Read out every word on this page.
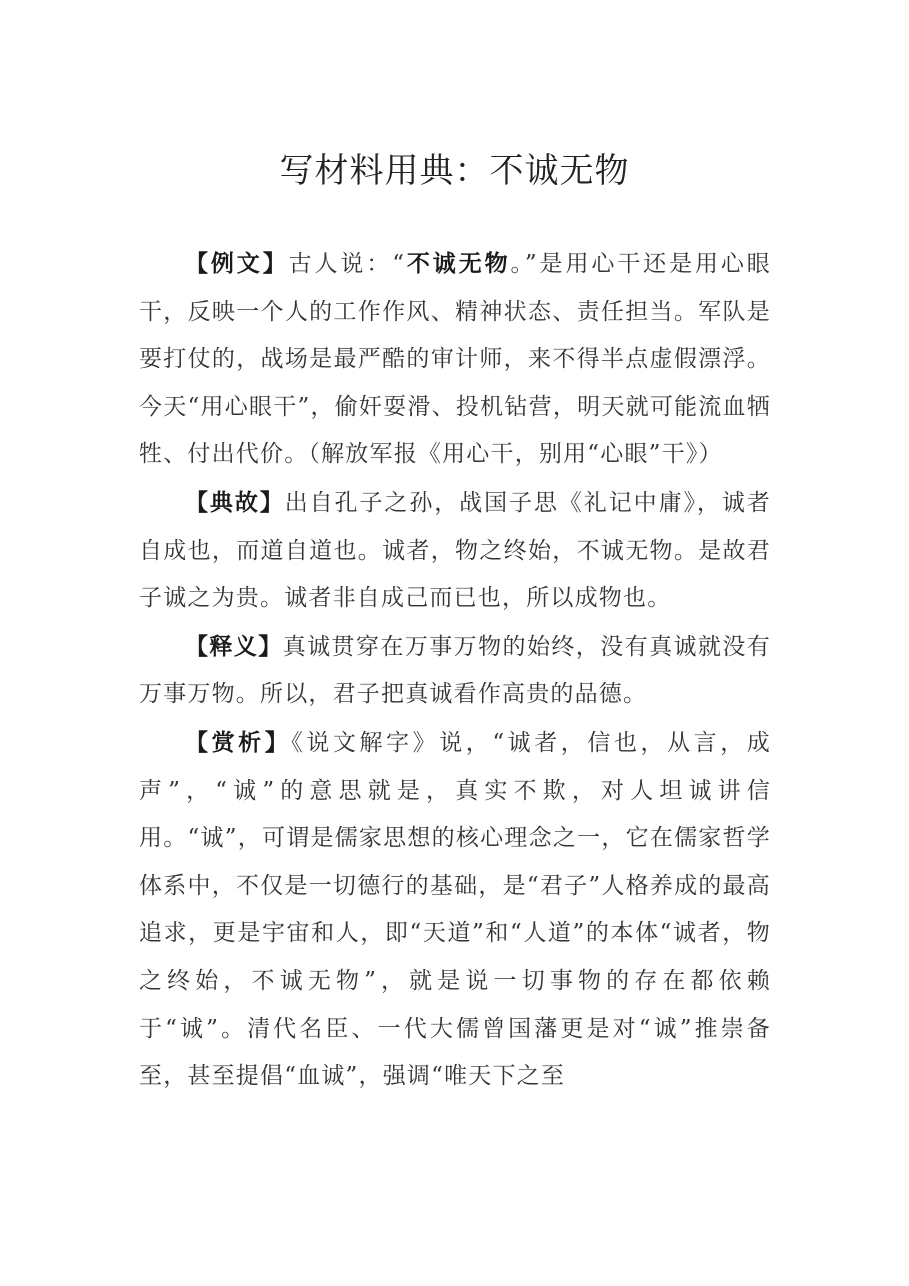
写材料用典：不诚无物

【例文】古人说：“不诚无物。”是用心干还是用心眼干，反映一个人的工作作风、精神状态、责任担当。军队是要打仗的，战场是最严酷的审计师，来不得半点虚假漂浮。今天“用心眼干”，偷奸耍滑、投机钻营，明天就可能流血牺牲、付出代价。（解放军报《用心干，别用“心眼”干》）

【典故】出自孔子之孙，战国子思《礼记中庸》，诚者自成也，而道自道也。诚者，物之终始，不诚无物。是故君子诚之为贵。诚者非自成己而已也，所以成物也。

【释义】真诚贯穿在万事万物的始终，没有真诚就没有万事万物。所以，君子把真诚看作高贵的品德。

【赏析】《说文解字》说，“诚者，信也，从言，成声”，“诚”的意思就是，真实不欺，对人坦诚讲信用。“诚”，可谓是儒家思想的核心理念之一，它在儒家哲学体系中，不仅是一切德行的基础，是“君子”人格养成的最高追求，更是宇宙和人，即“天道”和“人道”的本体“诚者，物之终始，不诚无物”，就是说一切事物的存在都依赖于“诚”。清代名臣、一代大儒曾国藩更是对“诚”推崇备至，甚至提倡“血诚”，强调“唯天下之至
